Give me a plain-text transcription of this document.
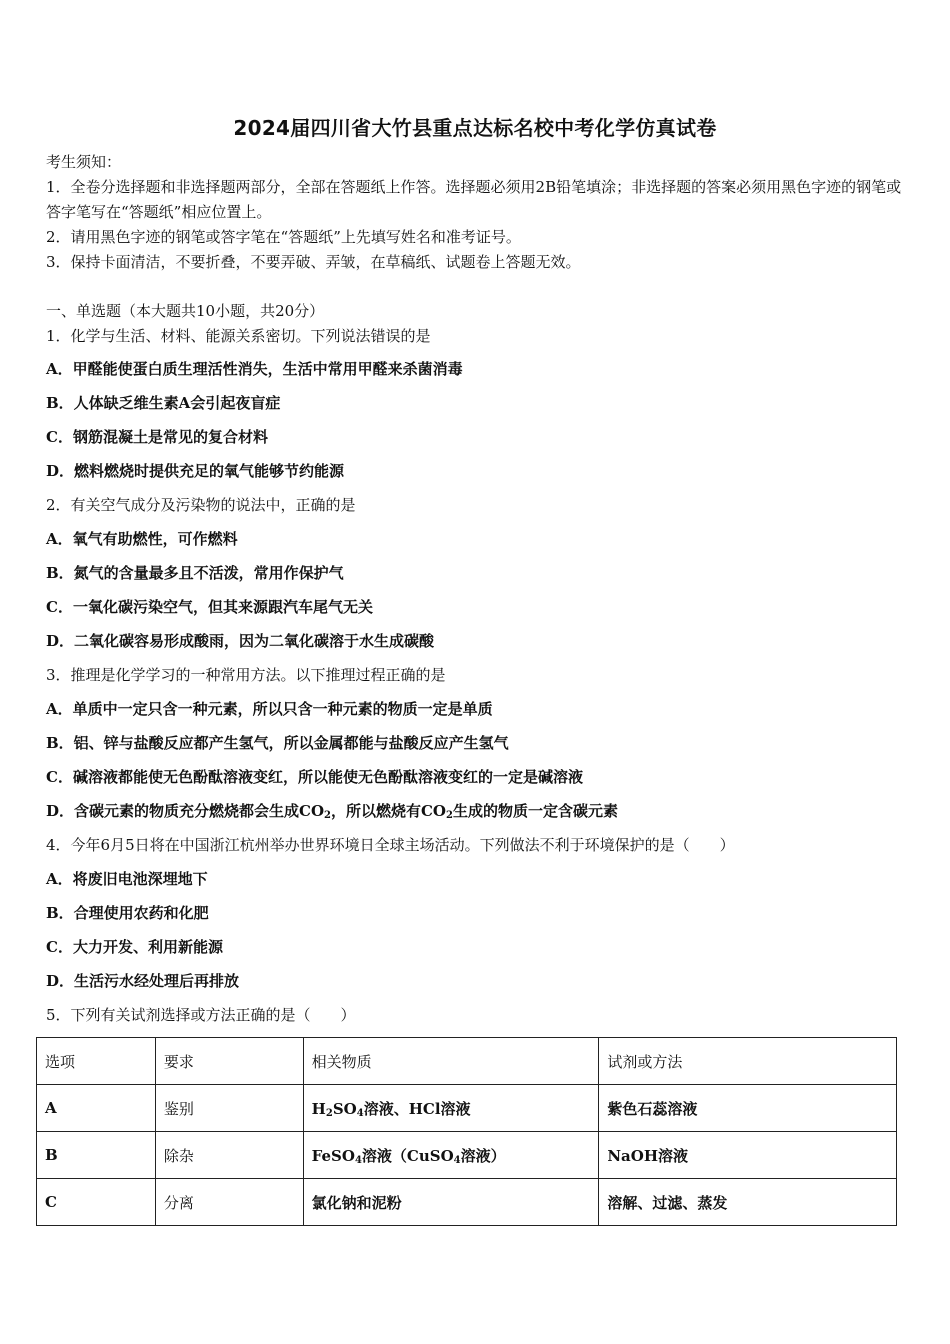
2024届四川省大竹县重点达标名校中考化学仿真试卷
考生须知：
1．全卷分选择题和非选择题两部分，全部在答题纸上作答。选择题必须用2B铅笔填涂；非选择题的答案必须用黑色字迹的钢笔或答字笔写在“答题纸”相应位置上。
2．请用黑色字迹的钢笔或答字笔在“答题纸”上先填写姓名和准考证号。
3．保持卡面清洁，不要折叠，不要弄破、弄皱，在草稿纸、试题卷上答题无效。
一、单选题（本大题共10小题，共20分）
1．化学与生活、材料、能源关系密切。下列说法错误的是
A．甲醛能使蛋白质生理活性消失，生活中常用甲醛来杀菌消毒
B．人体缺乏维生素A会引起夜盲症
C．钢筋混凝土是常见的复合材料
D．燃料燃烧时提供充足的氧气能够节约能源
2．有关空气成分及污染物的说法中，正确的是
A．氧气有助燃性，可作燃料
B．氮气的含量最多且不活泼，常用作保护气
C．一氧化碳污染空气，但其来源跟汽车尾气无关
D．二氧化碳容易形成酸雨，因为二氧化碳溶于水生成碳酸
3．推理是化学学习的一种常用方法。以下推理过程正确的是
A．单质中一定只含一种元素，所以只含一种元素的物质一定是单质
B．铝、锌与盐酸反应都产生氢气，所以金属都能与盐酸反应产生氢气
C．碱溶液都能使无色酚酞溶液变红，所以能使无色酚酞溶液变红的一定是碱溶液
D．含碳元素的物质充分燃烧都会生成$CO_2$，所以燃烧有$CO_2$生成的物质一定含碳元素
4．今年6月5日将在中国浙江杭州举办世界环境日全球主场活动。下列做法不利于环境保护的是（　　）
A．将废旧电池深埋地下
B．合理使用农药和化肥
C．大力开发、利用新能源
D．生活污水经处理后再排放
5．下列有关试剂选择或方法正确的是（　　）
选项	要求	相关物质	试剂或方法
A	鉴别	$H_2SO_4$溶液、HCl溶液	紫色石蕊溶液
B	除杂	FeSO$_4$溶液（CuSO$_4$溶液）	NaOH溶液
C	分离	氯化钠和泥粉	溶解、过滤、蒸发
